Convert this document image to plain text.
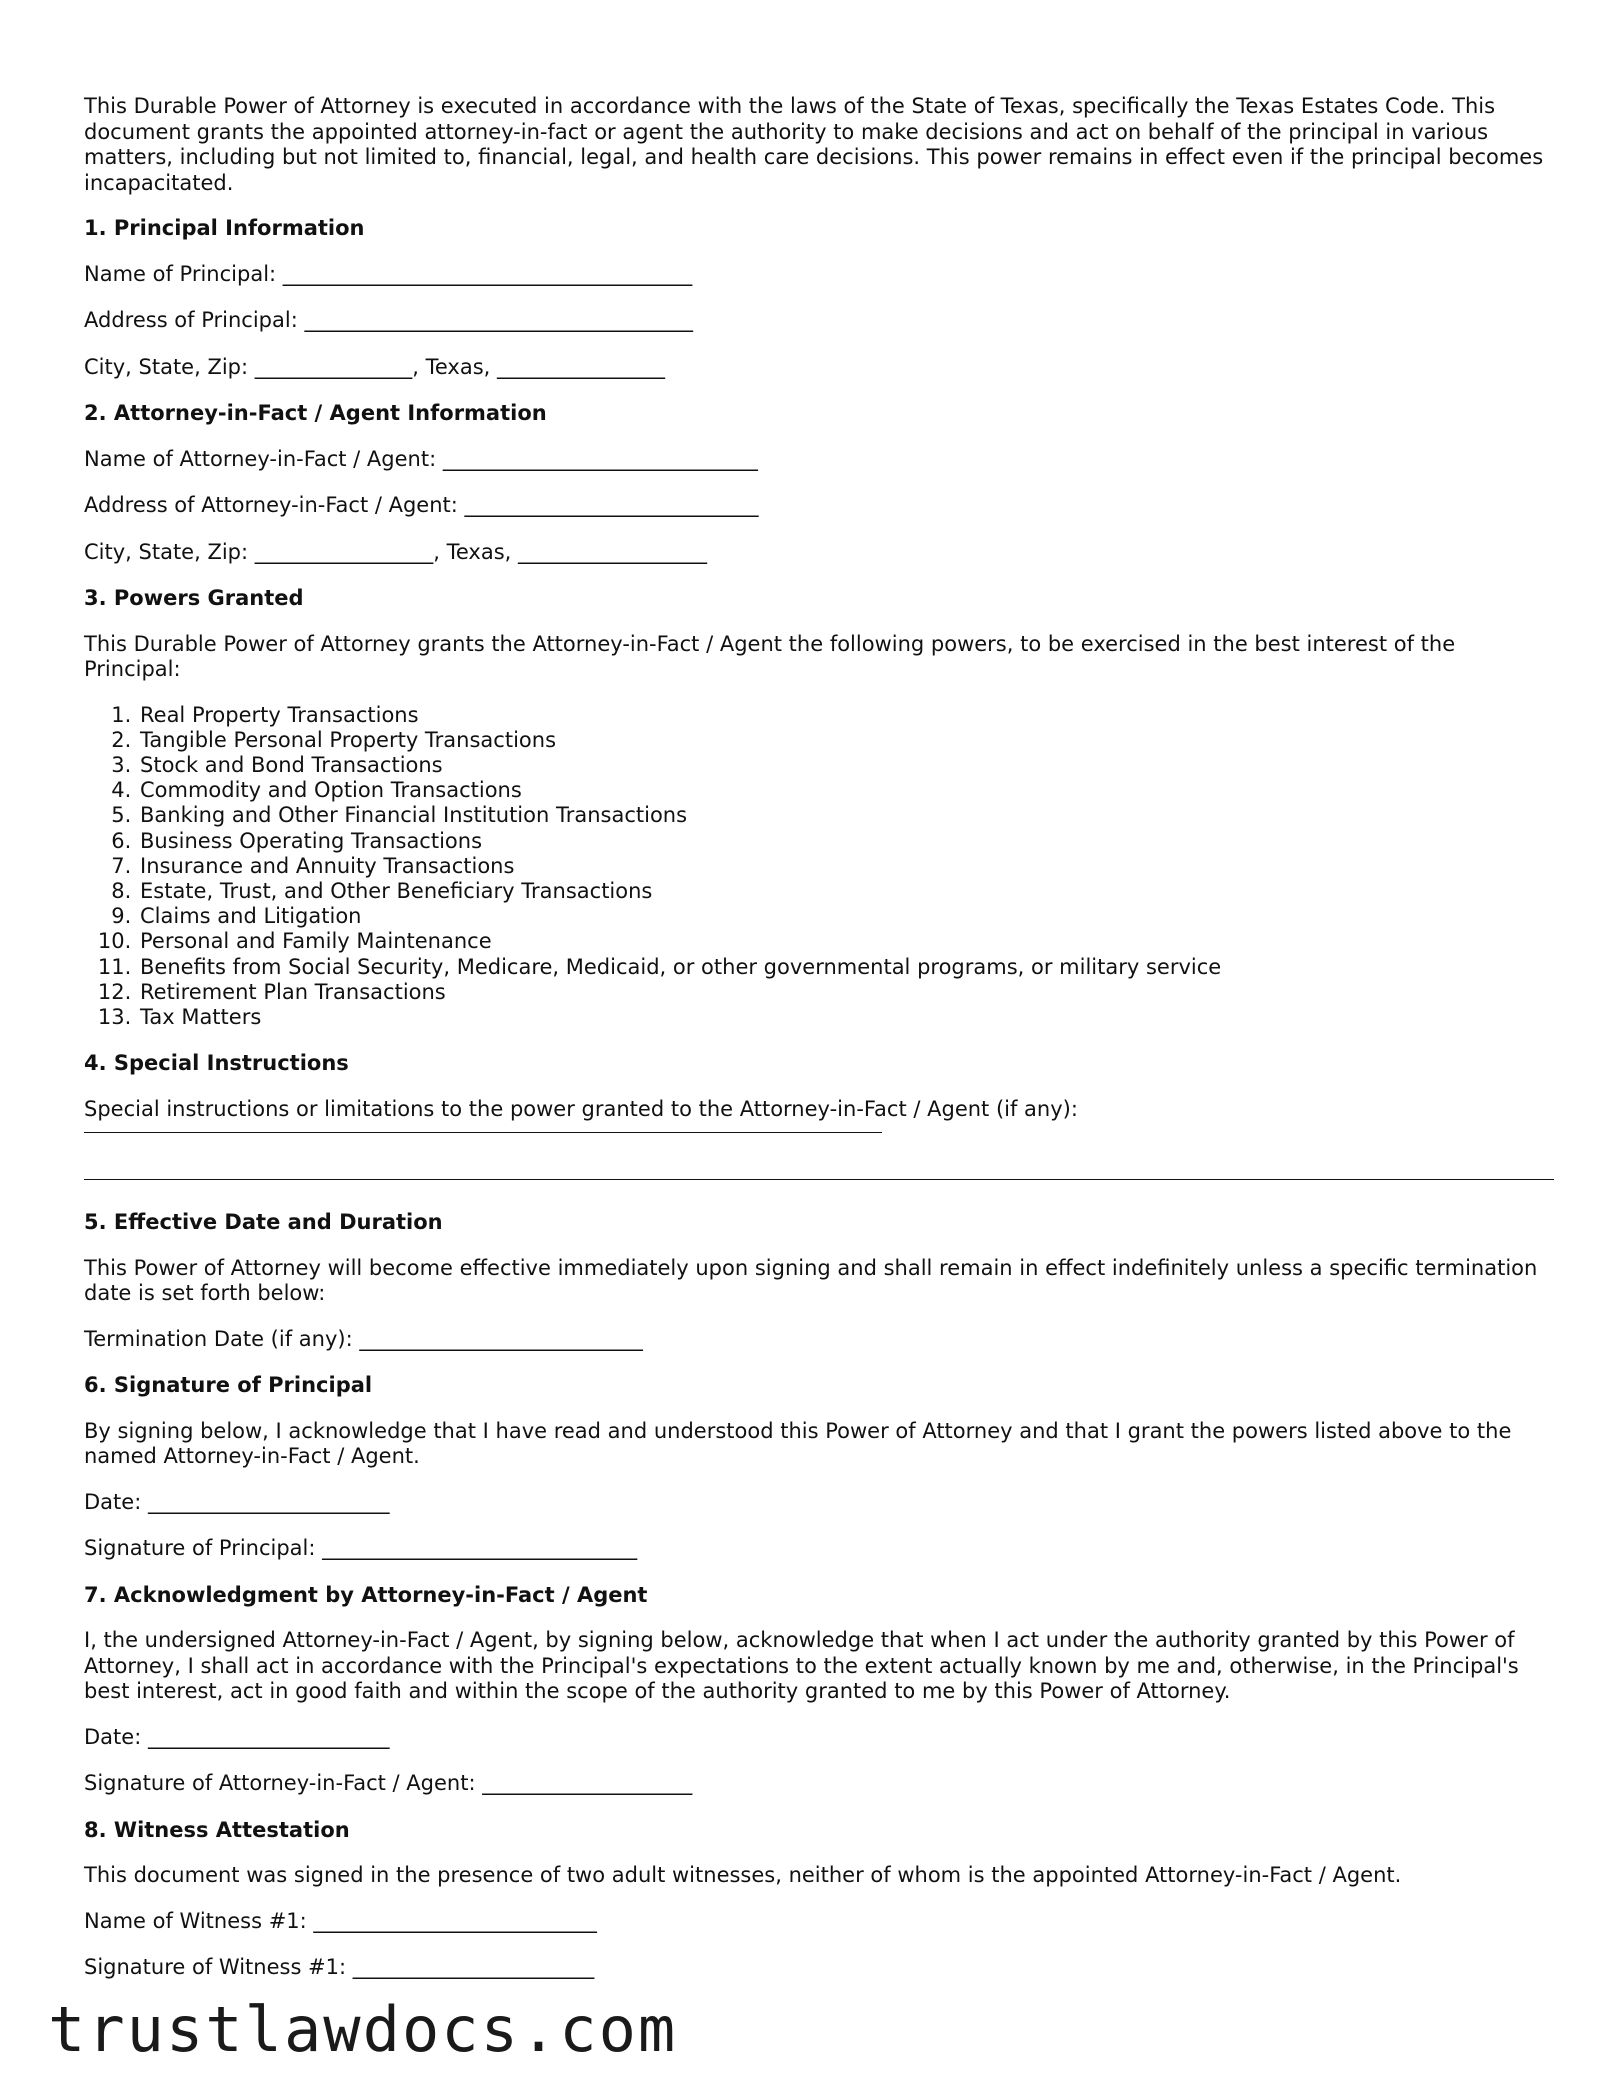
This Durable Power of Attorney is executed in accordance with the laws of the State of Texas, specifically the Texas Estates Code. This document grants the appointed attorney-in-fact or agent the authority to make decisions and act on behalf of the principal in various matters, including but not limited to, financial, legal, and health care decisions. This power remains in effect even if the principal becomes incapacitated.

1. Principal Information

Name of Principal: _______________________________________

Address of Principal: _____________________________________

City, State, Zip: _______________, Texas, ________________

2. Attorney-in-Fact / Agent Information

Name of Attorney-in-Fact / Agent: ______________________________

Address of Attorney-in-Fact / Agent: ____________________________

City, State, Zip: _________________, Texas, __________________

3. Powers Granted

This Durable Power of Attorney grants the Attorney-in-Fact / Agent the following powers, to be exercised in the best interest of the Principal:

1. Real Property Transactions
2. Tangible Personal Property Transactions
3. Stock and Bond Transactions
4. Commodity and Option Transactions
5. Banking and Other Financial Institution Transactions
6. Business Operating Transactions
7. Insurance and Annuity Transactions
8. Estate, Trust, and Other Beneficiary Transactions
9. Claims and Litigation
10. Personal and Family Maintenance
11. Benefits from Social Security, Medicare, Medicaid, or other governmental programs, or military service
12. Retirement Plan Transactions
13. Tax Matters
4. Special Instructions

Special instructions or limitations to the power granted to the Attorney-in-Fact / Agent (if any):

5. Effective Date and Duration

This Power of Attorney will become effective immediately upon signing and shall remain in effect indefinitely unless a specific termination date is set forth below:

Termination Date (if any): ___________________________

6. Signature of Principal

By signing below, I acknowledge that I have read and understood this Power of Attorney and that I grant the powers listed above to the named Attorney-in-Fact / Agent.

Date: _______________________

Signature of Principal: ______________________________

7. Acknowledgment by Attorney-in-Fact / Agent

I, the undersigned Attorney-in-Fact / Agent, by signing below, acknowledge that when I act under the authority granted by this Power of Attorney, I shall act in accordance with the Principal's expectations to the extent actually known by me and, otherwise, in the Principal's best interest, act in good faith and within the scope of the authority granted to me by this Power of Attorney.

Date: _______________________

Signature of Attorney-in-Fact / Agent: ____________________

8. Witness Attestation

This document was signed in the presence of two adult witnesses, neither of whom is the appointed Attorney-in-Fact / Agent.

Name of Witness #1: ___________________________

Signature of Witness #1: _______________________

trustlawdocs.com
